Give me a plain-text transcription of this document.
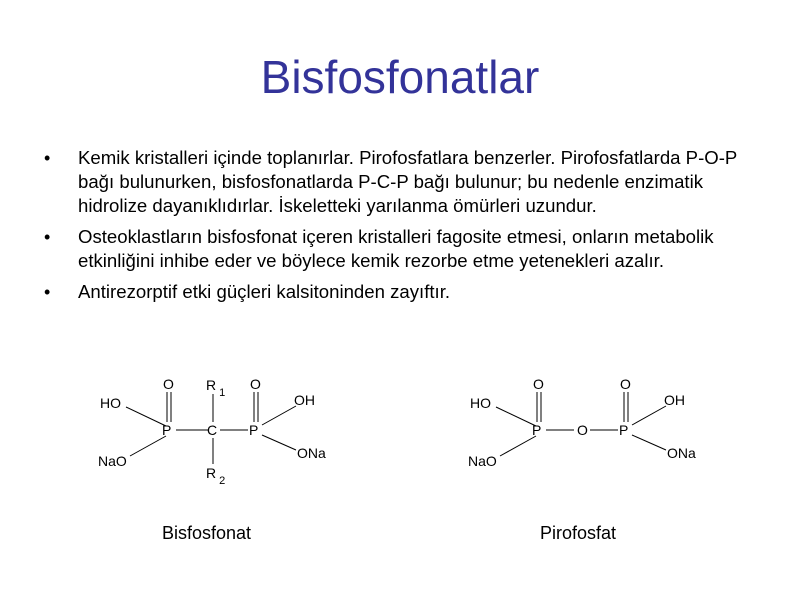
Bisfosfonatlar
• Kemik kristalleri içinde toplanırlar. Pirofosfatlara benzerler. Pirofosfatlarda P-O-P bağı bulunurken, bisfosfonatlarda P-C-P bağı bulunur; bu nedenle enzimatik hidrolize dayanıklıdırlar. İskeletteki yarılanma ömürleri uzundur.
• Osteoklastların bisfosfonat içeren kristalleri fagosite etmesi, onların metabolik etkinliğini inhibe eder ve böylece kemik rezorbe etme yetenekleri azalır.
• Antirezorptif etki güçleri kalsitoninden zayıftır.
O R $_1$
O
HO	OH
P	C P
NaO	ONa
R $_2$
O	O
HO	OH
P	O P
NaO	ONa
Bisfosfonat	Pirofosfat
